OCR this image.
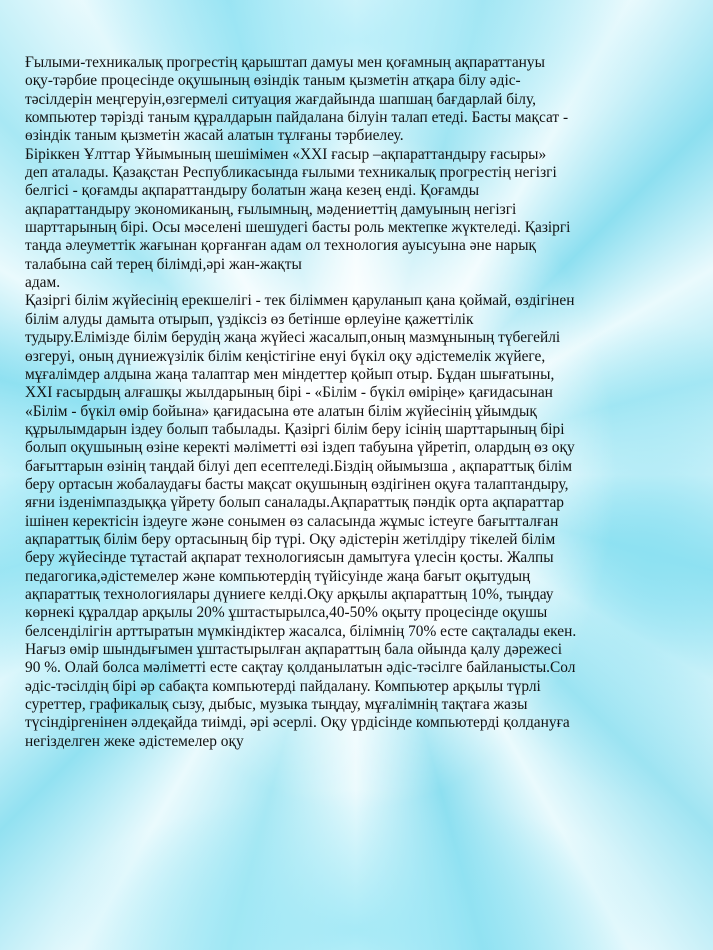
Ғылыми-техникалық прогрестің қарыштап дамуы мен қоғамның ақпараттануы
оқу-тәрбие процесінде оқушының өзіндік таным қызметін атқара білу әдіс-
тәсілдерін меңгеруін,өзгермелі ситуация жағдайында шапшаң бағдарлай білу,
компьютер тәрізді таным құралдарын пайдалана білуін талап етеді. Басты мақсат -
өзіндік таным қызметін жасай алатын тұлғаны тәрбиелеу.
Біріккен Ұлттар Ұйымының шешімімен «XXI ғасыр –ақпараттандыру ғасыры»
деп аталады. Қазақстан Республикасында ғылыми техникалық прогрестің негізгі
белгісі - қоғамды ақпараттандыру болатын жаңа кезең енді. Қоғамды
ақпараттандыру экономиканың, ғылымның, мәдениеттің дамуының негізгі
шарттарының бірі. Осы мәселені шешудегі басты роль мектепке жүктеледі. Қазіргі
таңда әлеуметтік жағынан қорғанған адам ол технология ауысуына әне нарық
талабына сай терең білімді,әрі жан-жақты
адам.
Қазіргі білім жүйесінің ерекшелігі - тек біліммен қаруланып қана қоймай, өздігінен
білім алуды дамыта отырып, үздіксіз өз бетінше өрлеуіне қажеттілік
тудыру.Елімізде білім берудің жаңа жүйесі жасалып,оның мазмұнының түбегейлі
өзгеруі, оның дүниежүзілік білім кеңістігіне енуі бүкіл оқу әдістемелік жүйеге,
мұғалімдер алдына жаңа талаптар мен міндеттер қойып отыр. Бұдан шығатыны,
XXI ғасырдың алғашқы жылдарының бірі - «Білім - бүкіл өміріңе» қағидасынан
«Білім - бүкіл өмір бойына» қағидасына өте алатын білім жүйесінің ұйымдық
құрылымдарын іздеу болып табылады. Қазіргі білім беру ісінің шарттарының бірі
болып оқушының өзіне керекті мәліметті өзі іздеп табуына үйретіп, олардың өз оқу
бағыттарын өзінің таңдай білуі деп есептеледі.Біздің ойымызша , ақпараттық білім
беру ортасын жобалаудағы басты мақсат оқушының өздігінен оқуға талаптандыру,
яғни ізденімпаздыққа үйрету болып саналады.Ақпараттық пәндік орта ақпараттар
ішінен керектісін іздеуге және сонымен өз саласында жұмыс істеуге бағытталған
ақпараттық білім беру ортасының бір түрі. Оқу әдістерін жетілдіру тікелей білім
беру жүйесінде тұтастай ақпарат технологиясын дамытуға үлесін қосты. Жалпы
педагогика,әдістемелер және компьютердің түйісуінде жаңа бағыт оқытудың
ақпараттық технологиялары дүниеге келді.Оқу арқылы ақпараттың 10%, тыңдау
көрнекі құралдар арқылы 20% ұштастырылса,40-50% оқыту процесінде оқушы
белсенділігін арттыратын мүмкіндіктер жасалса, білімнің 70% есте сақталады екен.
Нағыз өмір шындығымен ұштастырылған ақпараттың бала ойында қалу дәрежесі
90 %. Олай болса мәліметті есте сақтау қолданылатын әдіс-тәсілге байланысты.Сол
әдіс-тәсілдің бірі әр сабақта компьютерді пайдалану. Компьютер арқылы түрлі
суреттер, графикалық сызу, дыбыс, музыка тыңдау, мұғалімнің тақтаға жазы
түсіндіргенінен әлдеқайда тиімді, әрі әсерлі. Оқу үрдісінде компьютерді қолдануға
негізделген жеке әдістемелер оқу
